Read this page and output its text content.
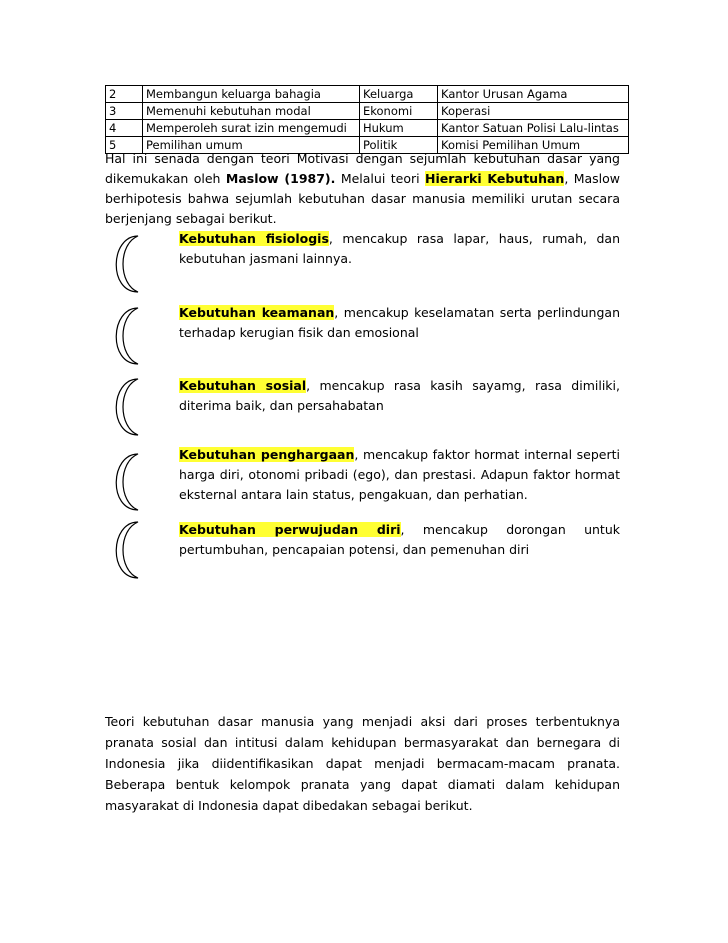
2	Membangun keluarga bahagia	Keluarga	Kantor Urusan Agama
3	Memenuhi kebutuhan modal	Ekonomi	Koperasi
4	Memperoleh surat izin mengemudi	Hukum	Kantor Satuan Polisi Lalu-lintas
5	Pemilihan umum	Politik	Komisi Pemilihan Umum

Hal ini senada dengan teori Motivasi dengan sejumlah kebutuhan dasar yang dikemukakan oleh Maslow (1987). Melalui teori Hierarki Kebutuhan, Maslow berhipotesis bahwa sejumlah kebutuhan dasar manusia memiliki urutan secara berjenjang sebagai berikut.

Kebutuhan fisiologis, mencakup rasa lapar, haus, rumah, dan kebutuhan jasmani lainnya.

Kebutuhan keamanan, mencakup keselamatan serta perlindungan terhadap kerugian fisik dan emosional

Kebutuhan sosial, mencakup rasa kasih sayamg, rasa dimiliki, diterima baik, dan persahabatan

Kebutuhan penghargaan, mencakup faktor hormat internal seperti harga diri, otonomi pribadi (ego), dan prestasi. Adapun faktor hormat eksternal antara lain status, pengakuan, dan perhatian.

Kebutuhan perwujudan diri, mencakup dorongan untuk pertumbuhan, pencapaian potensi, dan pemenuhan diri

Teori kebutuhan dasar manusia yang menjadi aksi dari proses terbentuknya pranata sosial dan intitusi dalam kehidupan bermasyarakat dan bernegara di Indonesia jika diidentifikasikan dapat menjadi bermacam-macam pranata. Beberapa bentuk kelompok pranata yang dapat diamati dalam kehidupan masyarakat di Indonesia dapat dibedakan sebagai berikut.
